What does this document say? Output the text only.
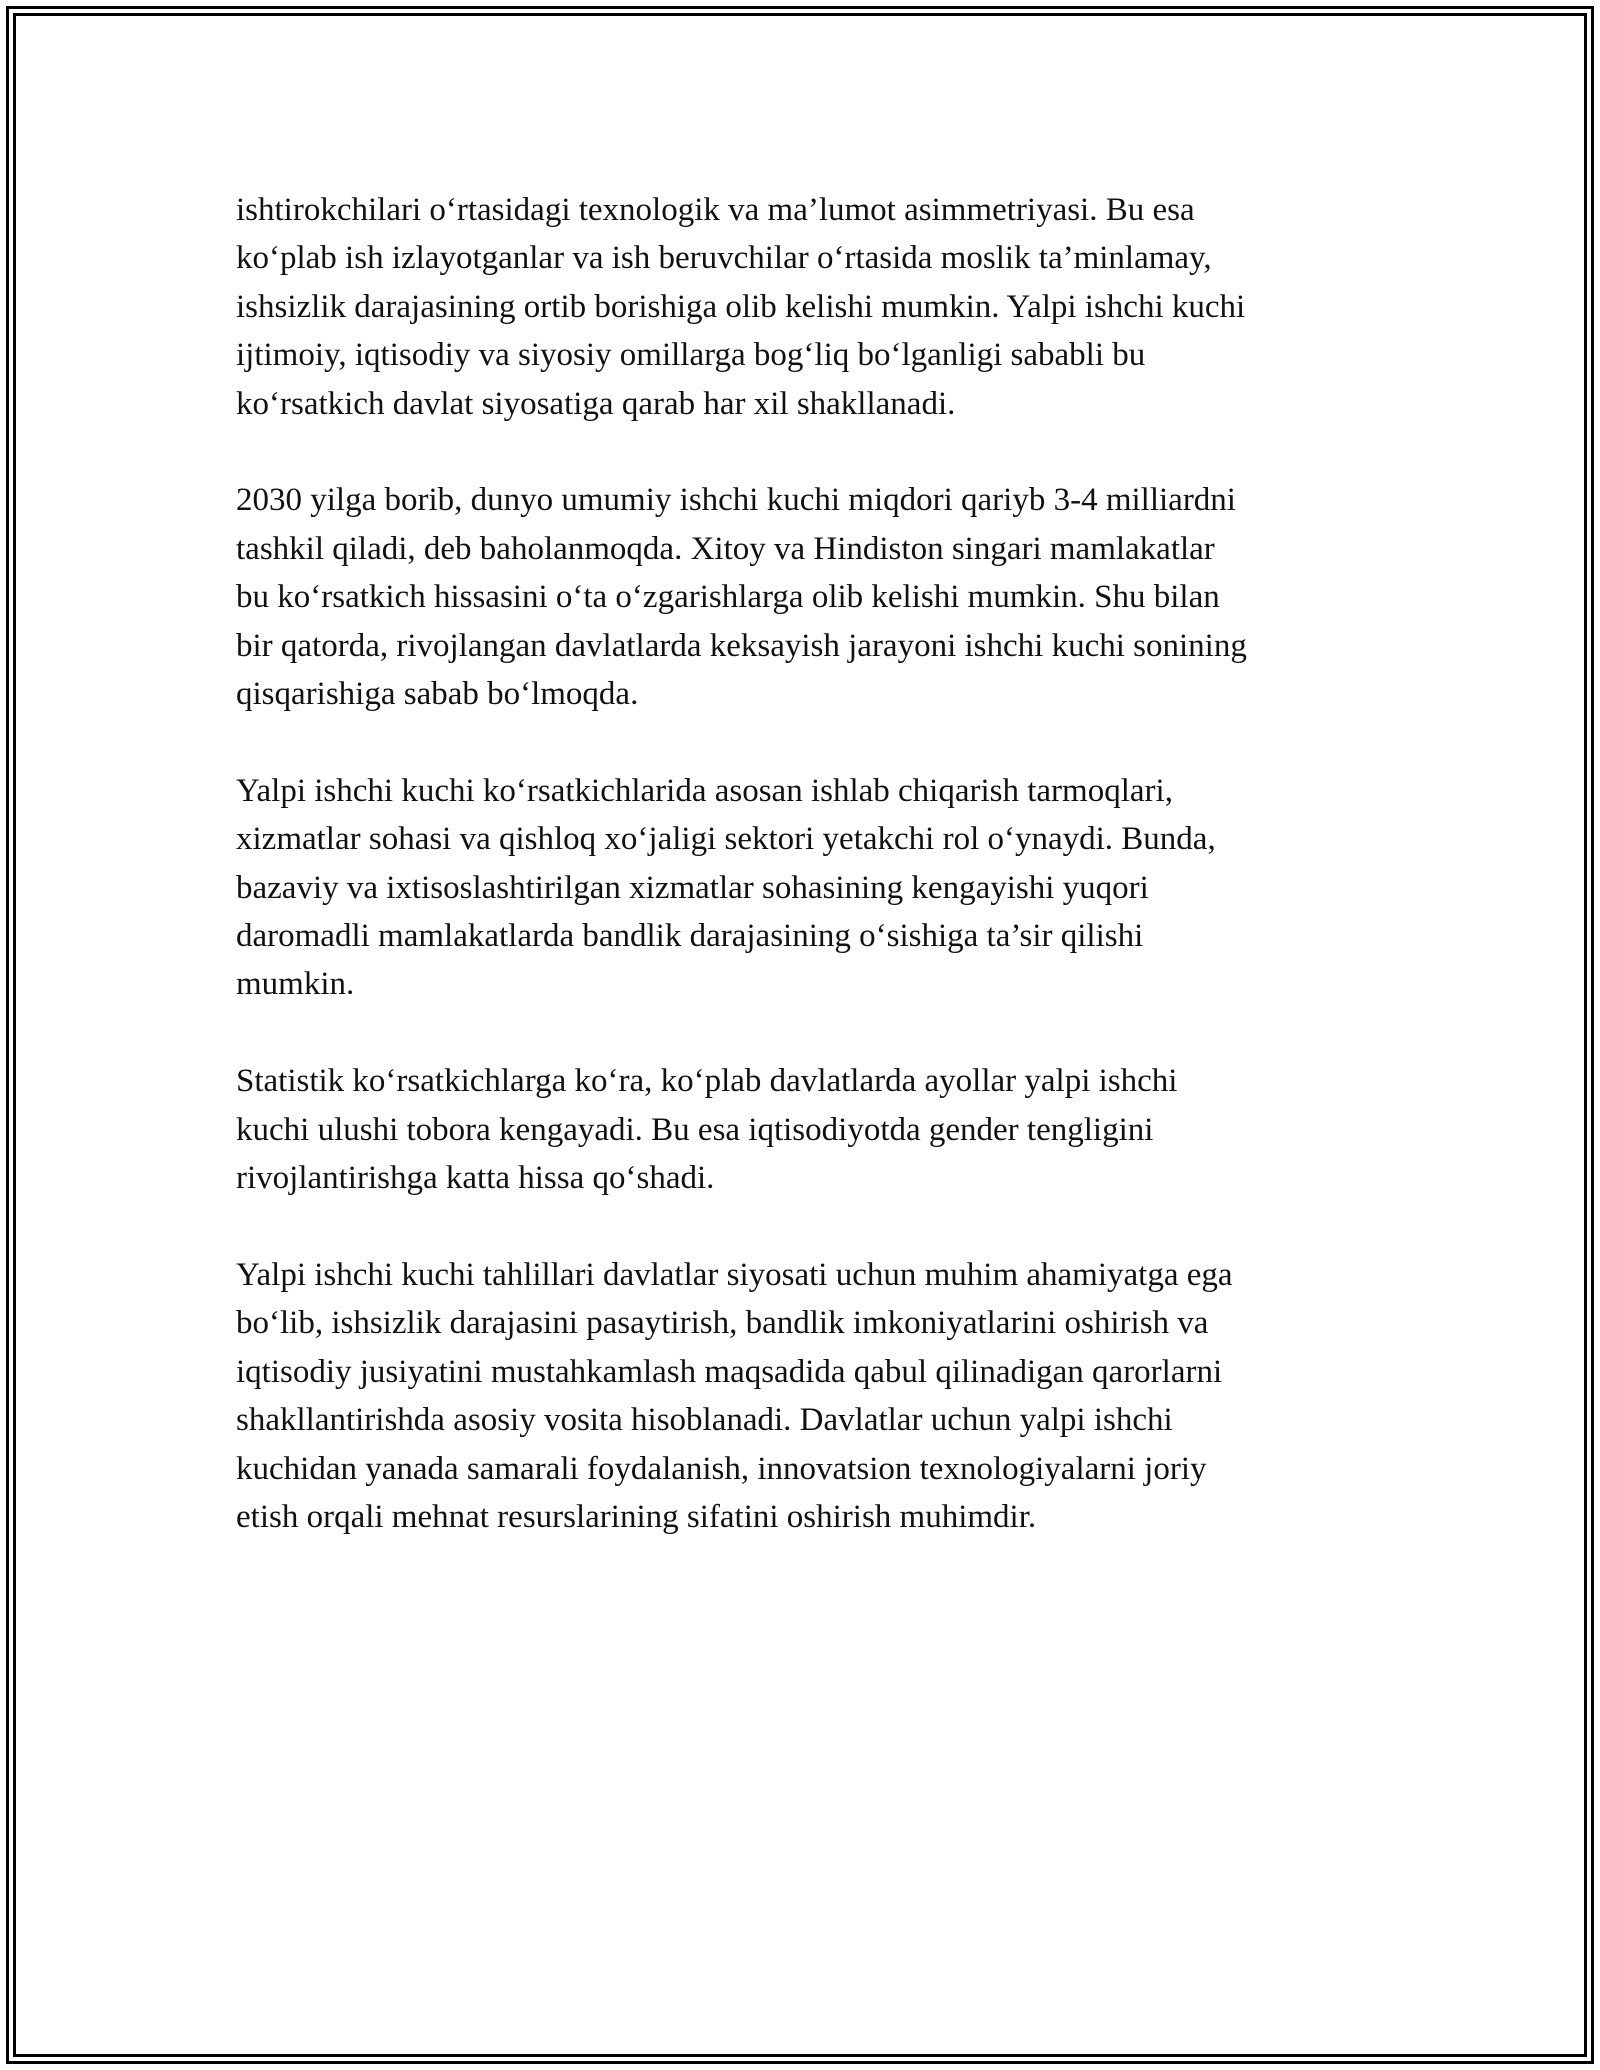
ishtirokchilari o‘rtasidagi texnologik va ma’lumot asimmetriyasi. Bu esa
ko‘plab ish izlayotganlar va ish beruvchilar o‘rtasida moslik ta’minlamay,
ishsizlik darajasining ortib borishiga olib kelishi mumkin. Yalpi ishchi kuchi
ijtimoiy, iqtisodiy va siyosiy omillarga bog‘liq bo‘lganligi sababli bu
ko‘rsatkich davlat siyosatiga qarab har xil shakllanadi.

2030 yilga borib, dunyo umumiy ishchi kuchi miqdori qariyb 3-4 milliardni
tashkil qiladi, deb baholanmoqda. Xitoy va Hindiston singari mamlakatlar
bu ko‘rsatkich hissasini o‘ta o‘zgarishlarga olib kelishi mumkin. Shu bilan
bir qatorda, rivojlangan davlatlarda keksayish jarayoni ishchi kuchi sonining
qisqarishiga sabab bo‘lmoqda.

Yalpi ishchi kuchi ko‘rsatkichlarida asosan ishlab chiqarish tarmoqlari,
xizmatlar sohasi va qishloq xo‘jaligi sektori yetakchi rol o‘ynaydi. Bunda,
bazaviy va ixtisoslashtirilgan xizmatlar sohasining kengayishi yuqori
daromadli mamlakatlarda bandlik darajasining o‘sishiga ta’sir qilishi
mumkin.

Statistik ko‘rsatkichlarga ko‘ra, ko‘plab davlatlarda ayollar yalpi ishchi
kuchi ulushi tobora kengayadi. Bu esa iqtisodiyotda gender tengligini
rivojlantirishga katta hissa qo‘shadi.

Yalpi ishchi kuchi tahlillari davlatlar siyosati uchun muhim ahamiyatga ega
bo‘lib, ishsizlik darajasini pasaytirish, bandlik imkoniyatlarini oshirish va
iqtisodiy jusiyatini mustahkamlash maqsadida qabul qilinadigan qarorlarni
shakllantirishda asosiy vosita hisoblanadi. Davlatlar uchun yalpi ishchi
kuchidan yanada samarali foydalanish, innovatsion texnologiyalarni joriy
etish orqali mehnat resurslarining sifatini oshirish muhimdir.
